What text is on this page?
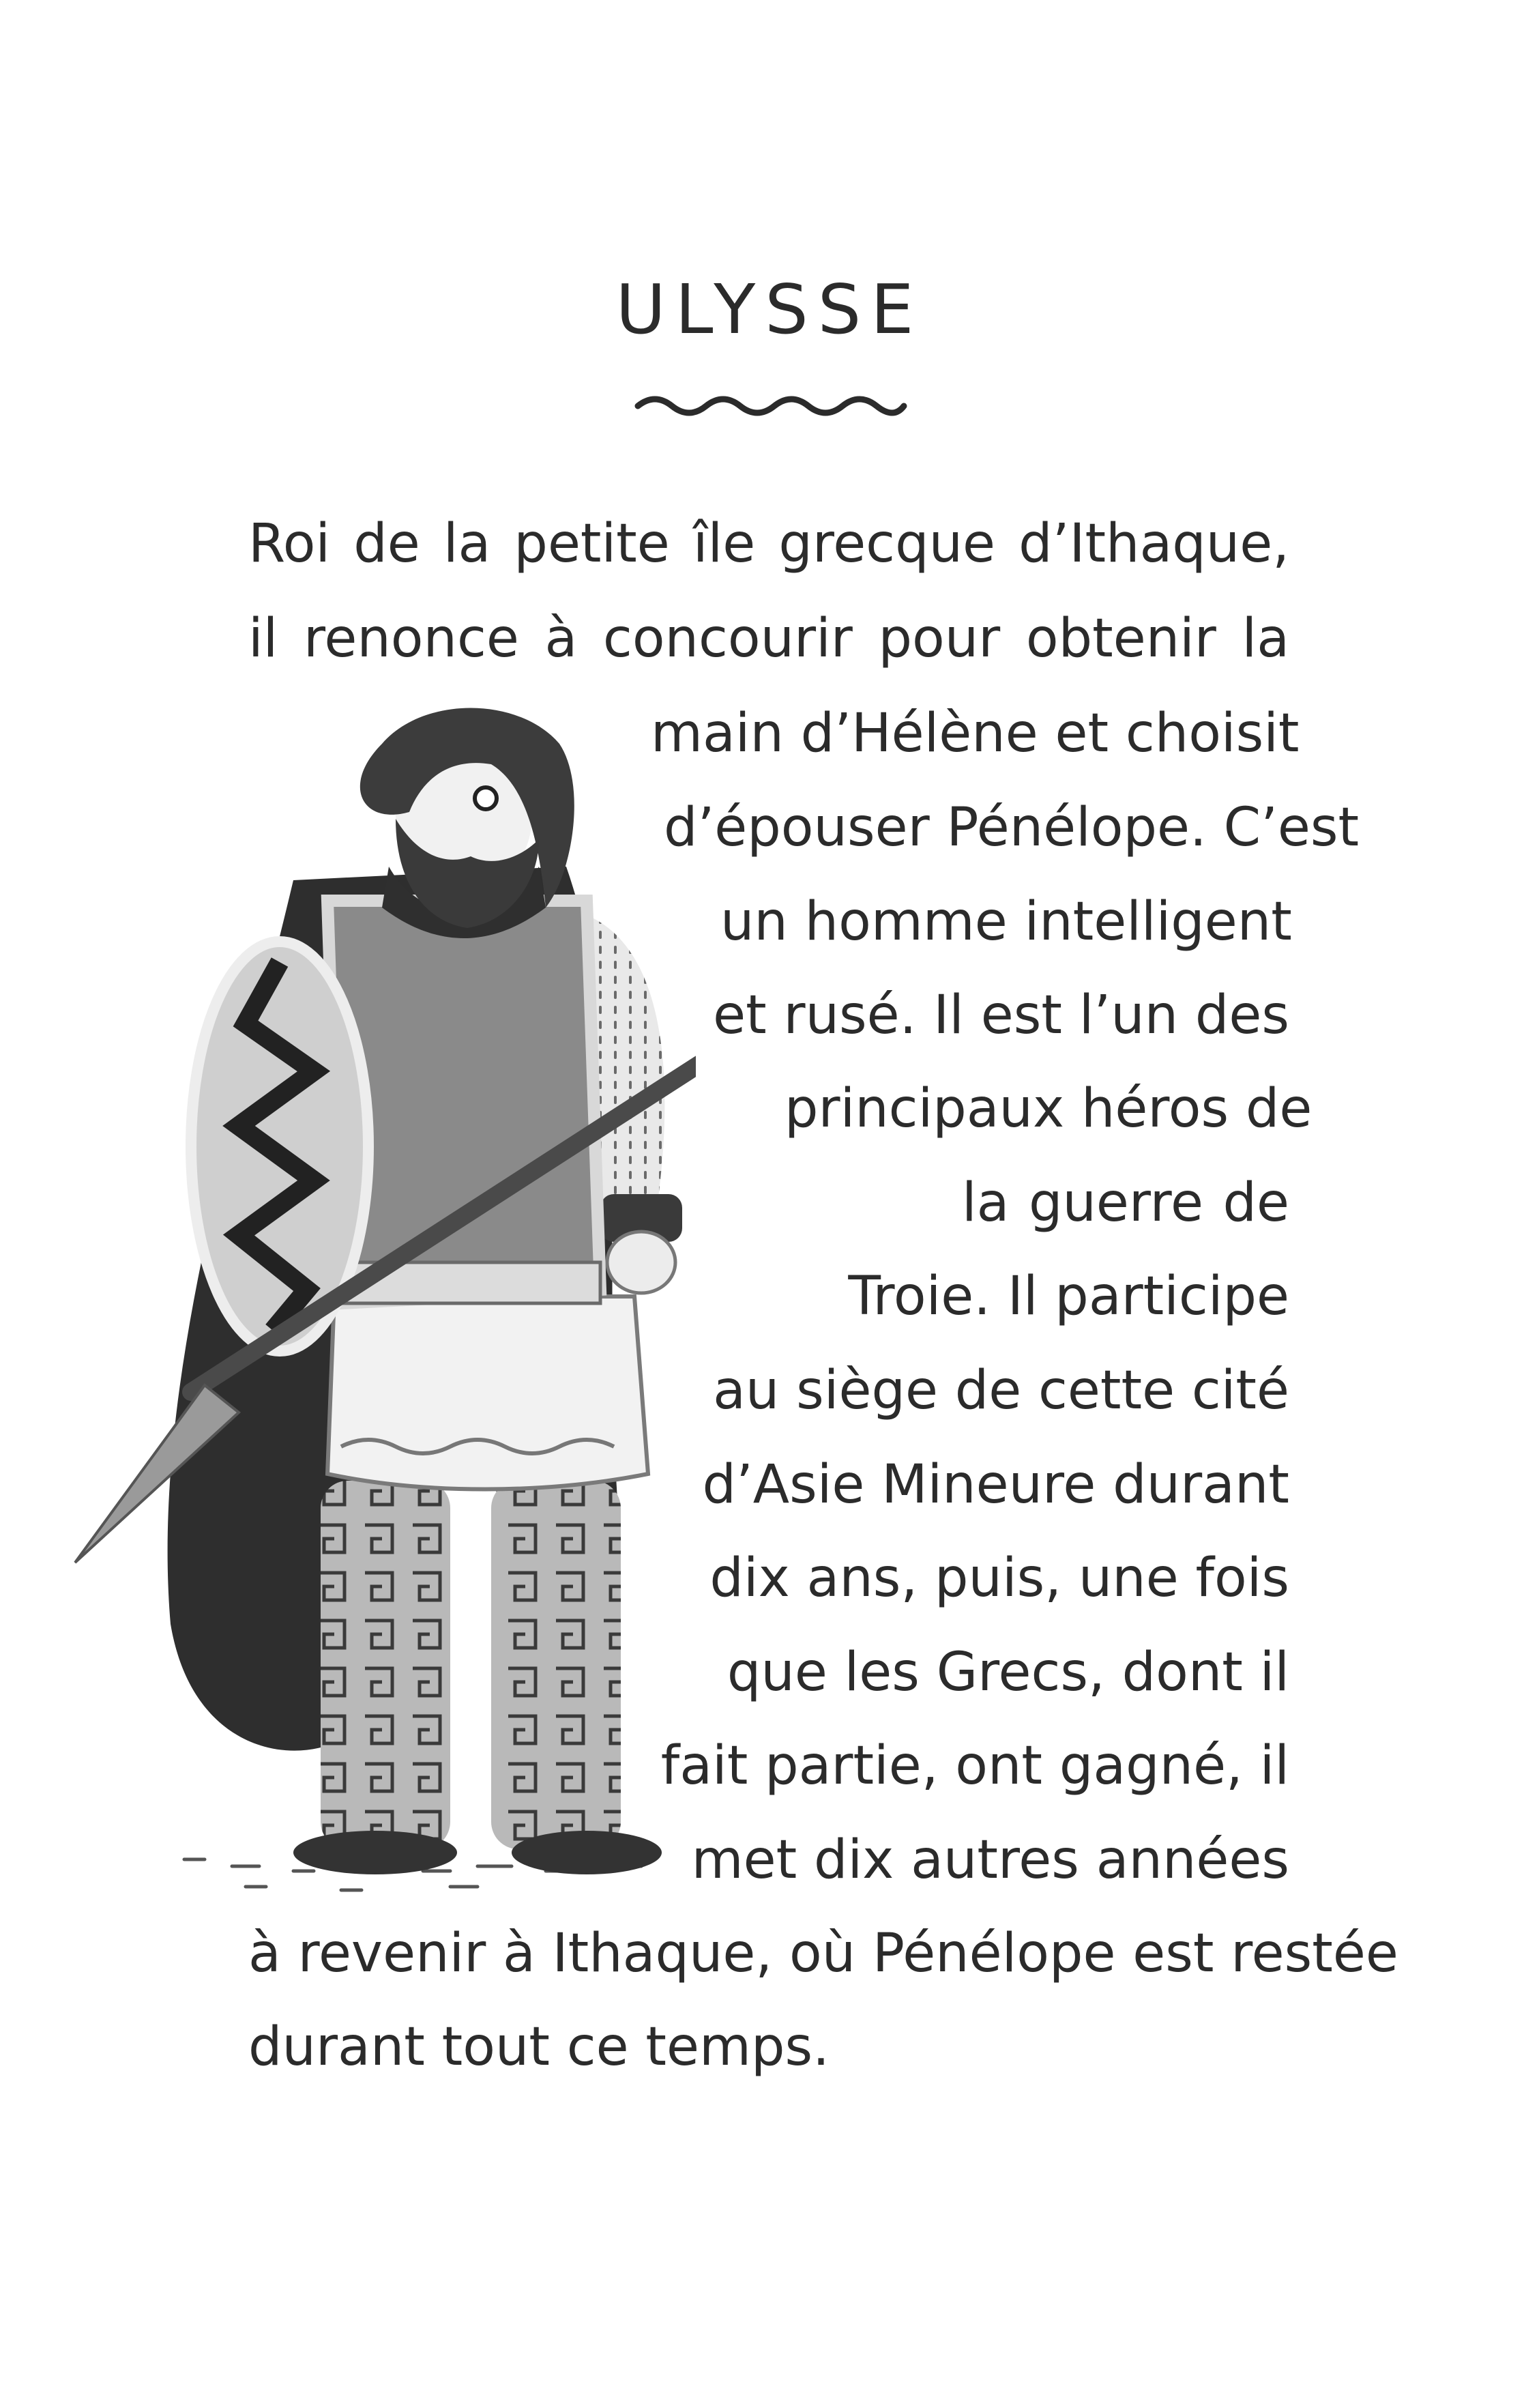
ULYSSE
Roi de la petite île grecque d’Ithaque,
il renonce à concourir pour obtenir la
main d’Hélène et choisit
d’épouser Pénélope. C’est
un homme intelligent
et rusé. Il est l’un des
principaux héros de
la guerre de
Troie. Il participe
au siège de cette cité
d’Asie Mineure durant
dix ans, puis, une fois
que les Grecs, dont il
fait partie, ont gagné, il
met dix autres années
à revenir à Ithaque, où Pénélope est restée
durant tout ce temps.
